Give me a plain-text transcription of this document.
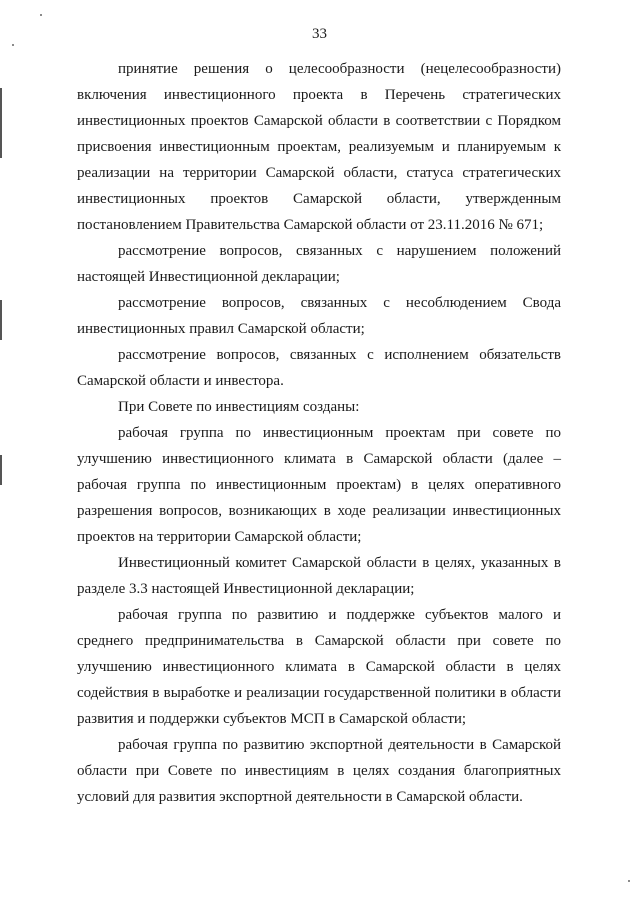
33

принятие решения о целесообразности (нецелесообразности) включения инвестиционного проекта в Перечень стратегических инвестиционных проектов Самарской области в соответствии с Порядком присвоения инвестиционным проектам, реализуемым и планируемым к реализации на территории Самарской области, статуса стратегических инвестиционных проектов Самарской области, утвержденным постановлением Правительства Самарской области от 23.11.2016 № 671;

рассмотрение вопросов, связанных с нарушением положений настоящей Инвестиционной декларации;

рассмотрение вопросов, связанных с несоблюдением Свода инвестиционных правил Самарской области;

рассмотрение вопросов, связанных с исполнением обязательств Самарской области и инвестора.

При Совете по инвестициям созданы:

рабочая группа по инвестиционным проектам при совете по улучшению инвестиционного климата в Самарской области (далее – рабочая группа по инвестиционным проектам) в целях оперативного разрешения вопросов, возникающих в ходе реализации инвестиционных проектов на территории Самарской области;

Инвестиционный комитет Самарской области в целях, указанных в разделе 3.3 настоящей Инвестиционной декларации;

рабочая группа по развитию и поддержке субъектов малого и среднего предпринимательства в Самарской области при совете по улучшению инвестиционного климата в Самарской области в целях содействия в выработке и реализации государственной политики в области развития и поддержки субъектов МСП в Самарской области;

рабочая группа по развитию экспортной деятельности в Самарской области при Совете по инвестициям в целях создания благоприятных условий для развития экспортной деятельности в Самарской области.
